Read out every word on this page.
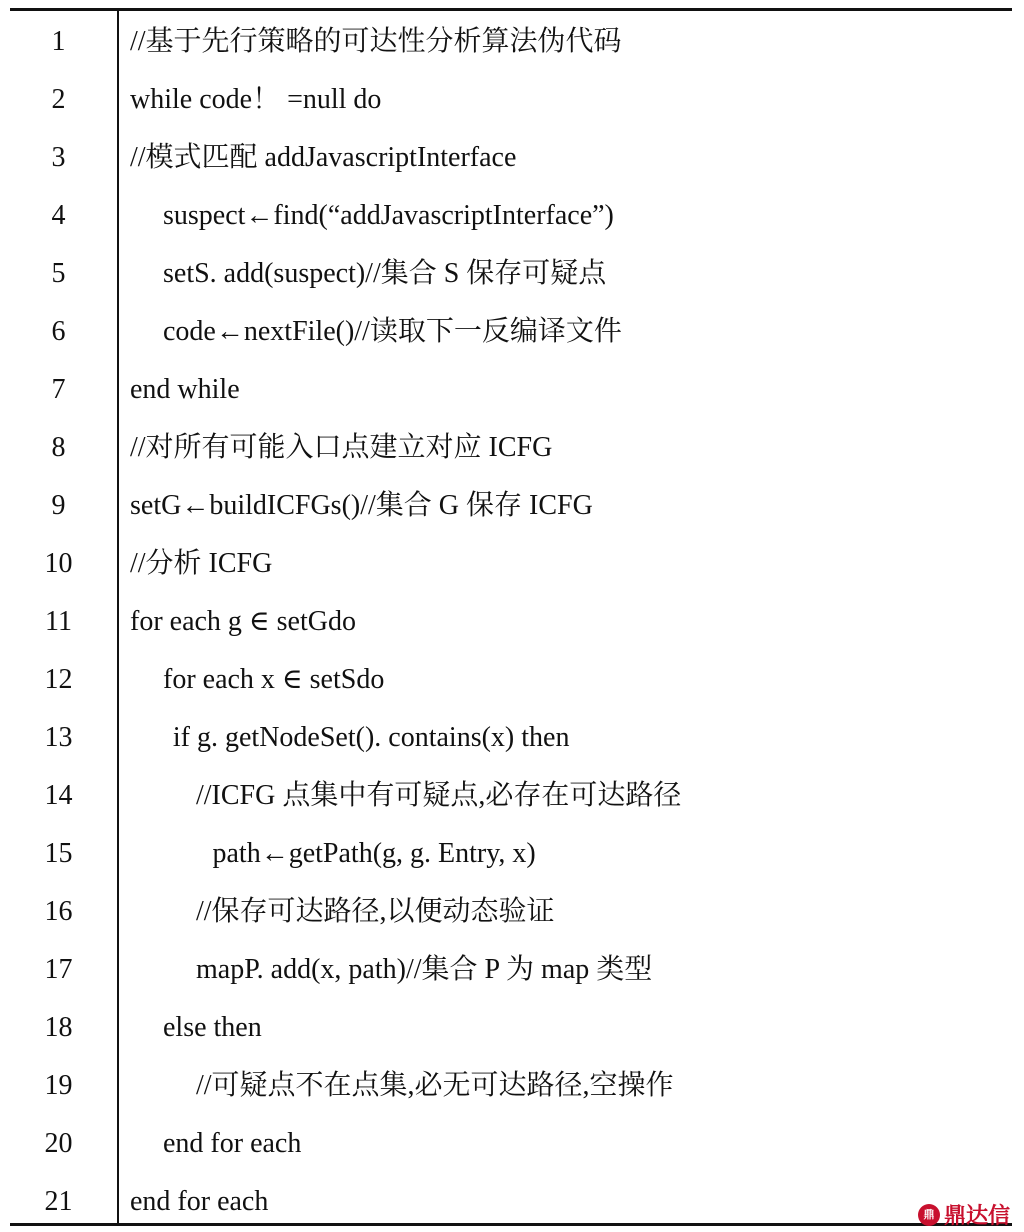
1	//基于先行策略的可达性分析算法伪代码
2	while code！ =null do
3	//模式匹配 addJavascriptInterface
4	suspect←find(“addJavascriptInterface”)
5	setS. add(suspect)//集合 S 保存可疑点
6	code←nextFile()//读取下一反编译文件
7	end while
8	//对所有可能入口点建立对应 ICFG
9	setG←buildICFGs()//集合 G 保存 ICFG
10	//分析 ICFG
11	for each g ∈ setGdo
12	for each x ∈ setSdo
13	if g. getNodeSet(). contains(x) then
14	//ICFG 点集中有可疑点,必存在可达路径
15	path←getPath(g, g. Entry, x)
16	//保存可达路径,以便动态验证
17	mapP. add(x, path)//集合 P 为 map 类型
18	else then
19	//可疑点不在点集,必无可达路径,空操作
20	end for each
21	end for each	鼎 鼎达信
